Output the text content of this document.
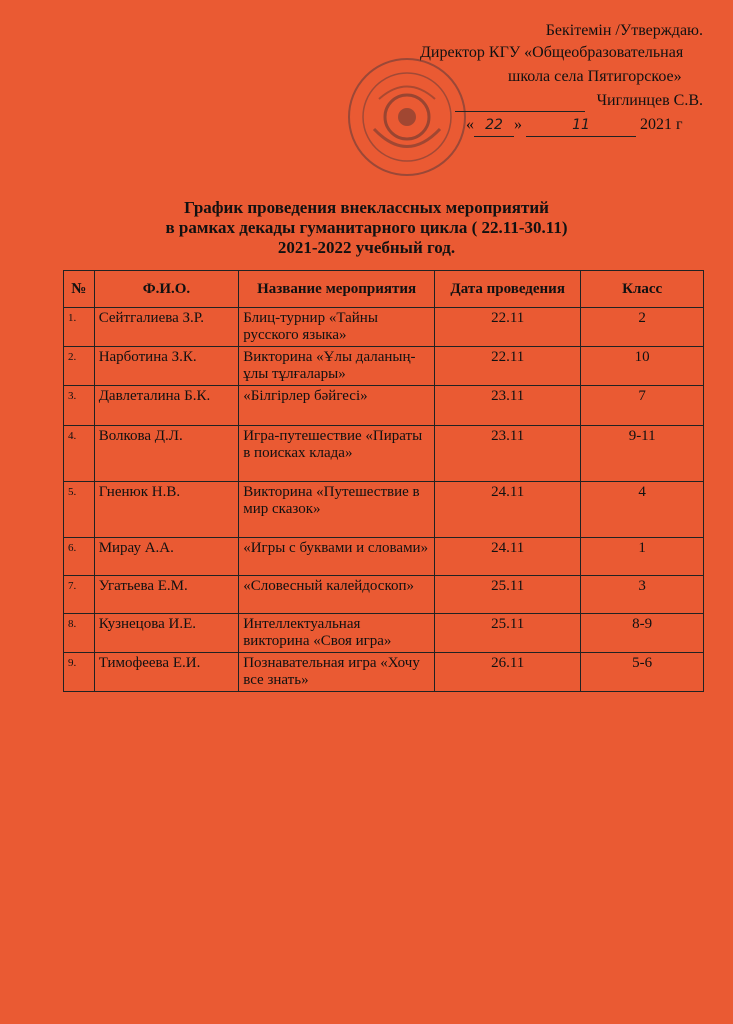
Бекітемін /Утверждаю.
Директор КГУ «Общеобразовательная
школа села Пятигорское»
Чиглинцев С.В.
« 22 »	11	2021 г
График проведения внеклассных мероприятий
в рамках декады гуманитарного цикла ( 22.11-30.11)
2021-2022 учебный год.
№	Ф.И.О.	Название мероприятия	Дата проведения	Класс
1.	Сейтгалиева З.Р.	Блиц-турнир «Тайны русского языка»	22.11	2
2.	Нарботина З.К.	Викторина «Ұлы даланың-ұлы тұлғалары»	22.11	10
3.	Давлеталина Б.К.	«Білгірлер бәйгесі»	23.11	7
4.	Волкова Д.Л.	Игра-путешествие «Пираты в поисках клада»	23.11	9-11
5.	Гненюк Н.В.	Викторина «Путешествие в мир сказок»	24.11	4
6.	Мирау А.А.	«Игры с буквами и словами»	24.11	1
7.	Угатьева Е.М.	«Словесный калейдоскоп»	25.11	3
8.	Кузнецова И.Е.	Интеллектуальная викторина «Своя игра»	25.11	8-9
9.	Тимофеева Е.И.	Познавательная игра «Хочу все знать»	26.11	5-6
